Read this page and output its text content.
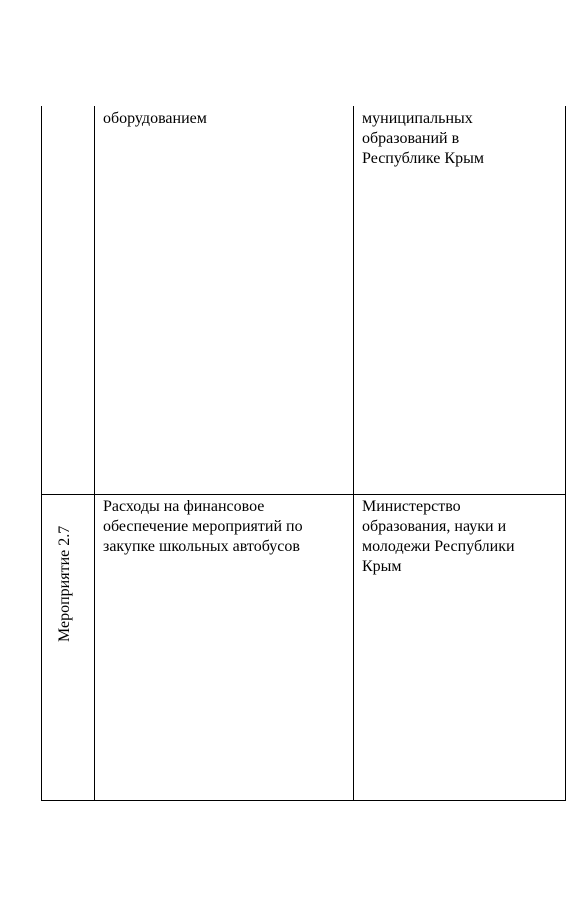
оборудованием	муниципальных
образований в
Республике Крым
Мероприятие 2.7
Расходы на финансовое
обеспечение мероприятий по
закупке школьных автобусов
Министерство
образования, науки и
молодежи Республики
Крым
